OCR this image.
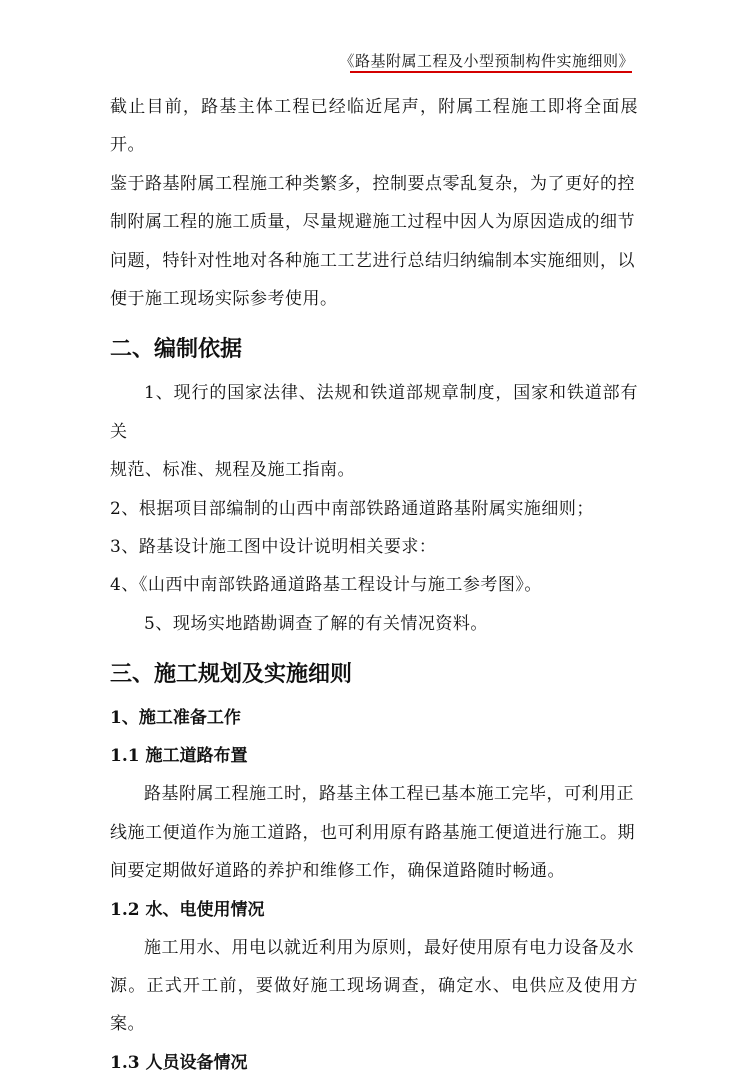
《路基附属工程及小型预制构件实施细则》

截止目前，路基主体工程已经临近尾声，附属工程施工即将全面展开。

鉴于路基附属工程施工种类繁多，控制要点零乱复杂，为了更好的控

制附属工程的施工质量，尽量规避施工过程中因人为原因造成的细节

问题，特针对性地对各种施工工艺进行总结归纳编制本实施细则，以

便于施工现场实际参考使用。

二、编制依据

1、现行的国家法律、法规和铁道部规章制度，国家和铁道部有关

规范、标准、规程及施工指南。

2、根据项目部编制的山西中南部铁路通道路基附属实施细则；

3、路基设计施工图中设计说明相关要求：

4、《山西中南部铁路通道路基工程设计与施工参考图》。

5、现场实地踏勘调查了解的有关情况资料。

三、施工规划及实施细则
1、施工准备工作
1.1 施工道路布置

路基附属工程施工时，路基主体工程已基本施工完毕，可利用正

线施工便道作为施工道路，也可利用原有路基施工便道进行施工。期

间要定期做好道路的养护和维修工作，确保道路随时畅通。

1.2 水、电使用情况

施工用水、用电以就近利用为原则，最好使用原有电力设备及水

源。正式开工前，要做好施工现场调查，确定水、电供应及使用方案。

1.3 人员设备情况
